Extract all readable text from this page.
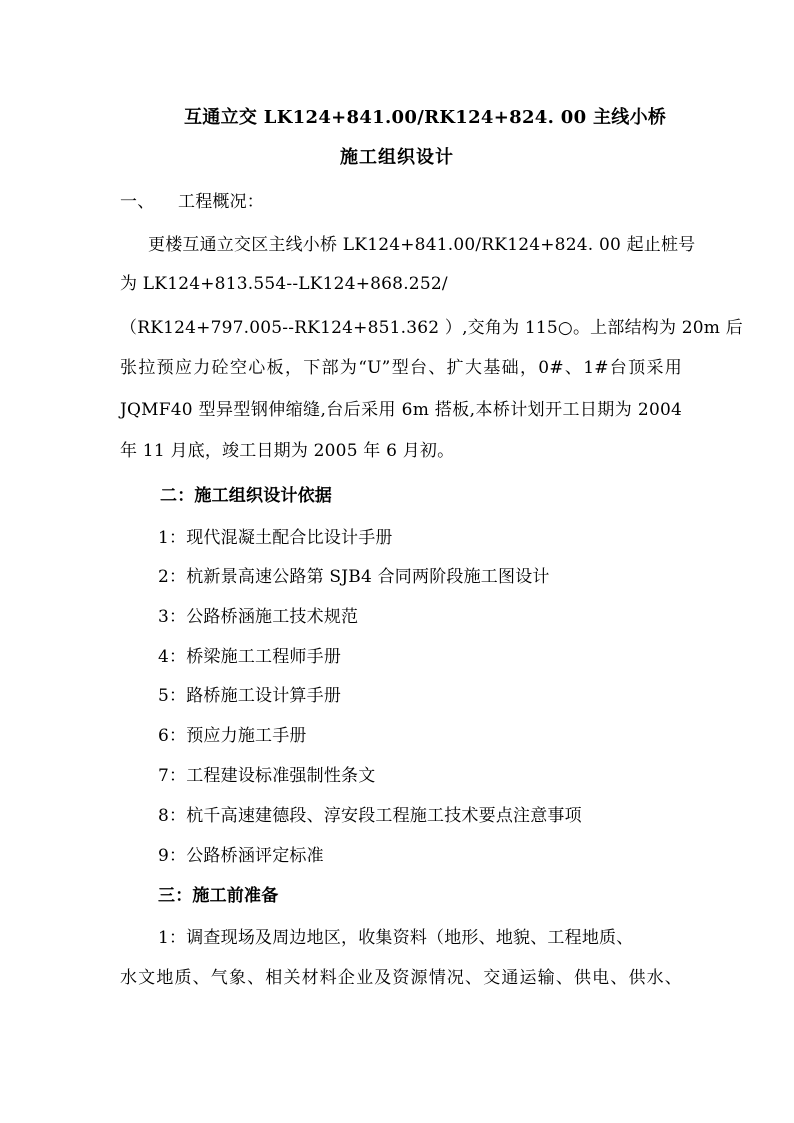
互通立交 LK124+841.00/RK124+824. 00 主线小桥
施工组织设计
一、 工程概况：
更楼互通立交区主线小桥 LK124+841.00/RK124+824. 00 起止桩号
为 LK124+813.554--LK124+868.252/
（RK124+797.005--RK124+851.362 ）,交角为 115○。上部结构为 20m 后
张拉预应力砼空心板，下部为“U”型台、扩大基础，0#、1#台顶采用
JQMF40 型异型钢伸缩缝,台后采用 6m 搭板,本桥计划开工日期为 2004
年 11 月底，竣工日期为 2005 年 6 月初。
二：施工组织设计依据
1：现代混凝土配合比设计手册
2：杭新景高速公路第 SJB4 合同两阶段施工图设计
3：公路桥涵施工技术规范
4：桥梁施工工程师手册
5：路桥施工设计算手册
6：预应力施工手册
7：工程建设标准强制性条文
8：杭千高速建德段、淳安段工程施工技术要点注意事项
9：公路桥涵评定标准
三：施工前准备
1：调查现场及周边地区，收集资料（地形、地貌、工程地质、
水文地质、气象、相关材料企业及资源情况、交通运输、供电、供水、
